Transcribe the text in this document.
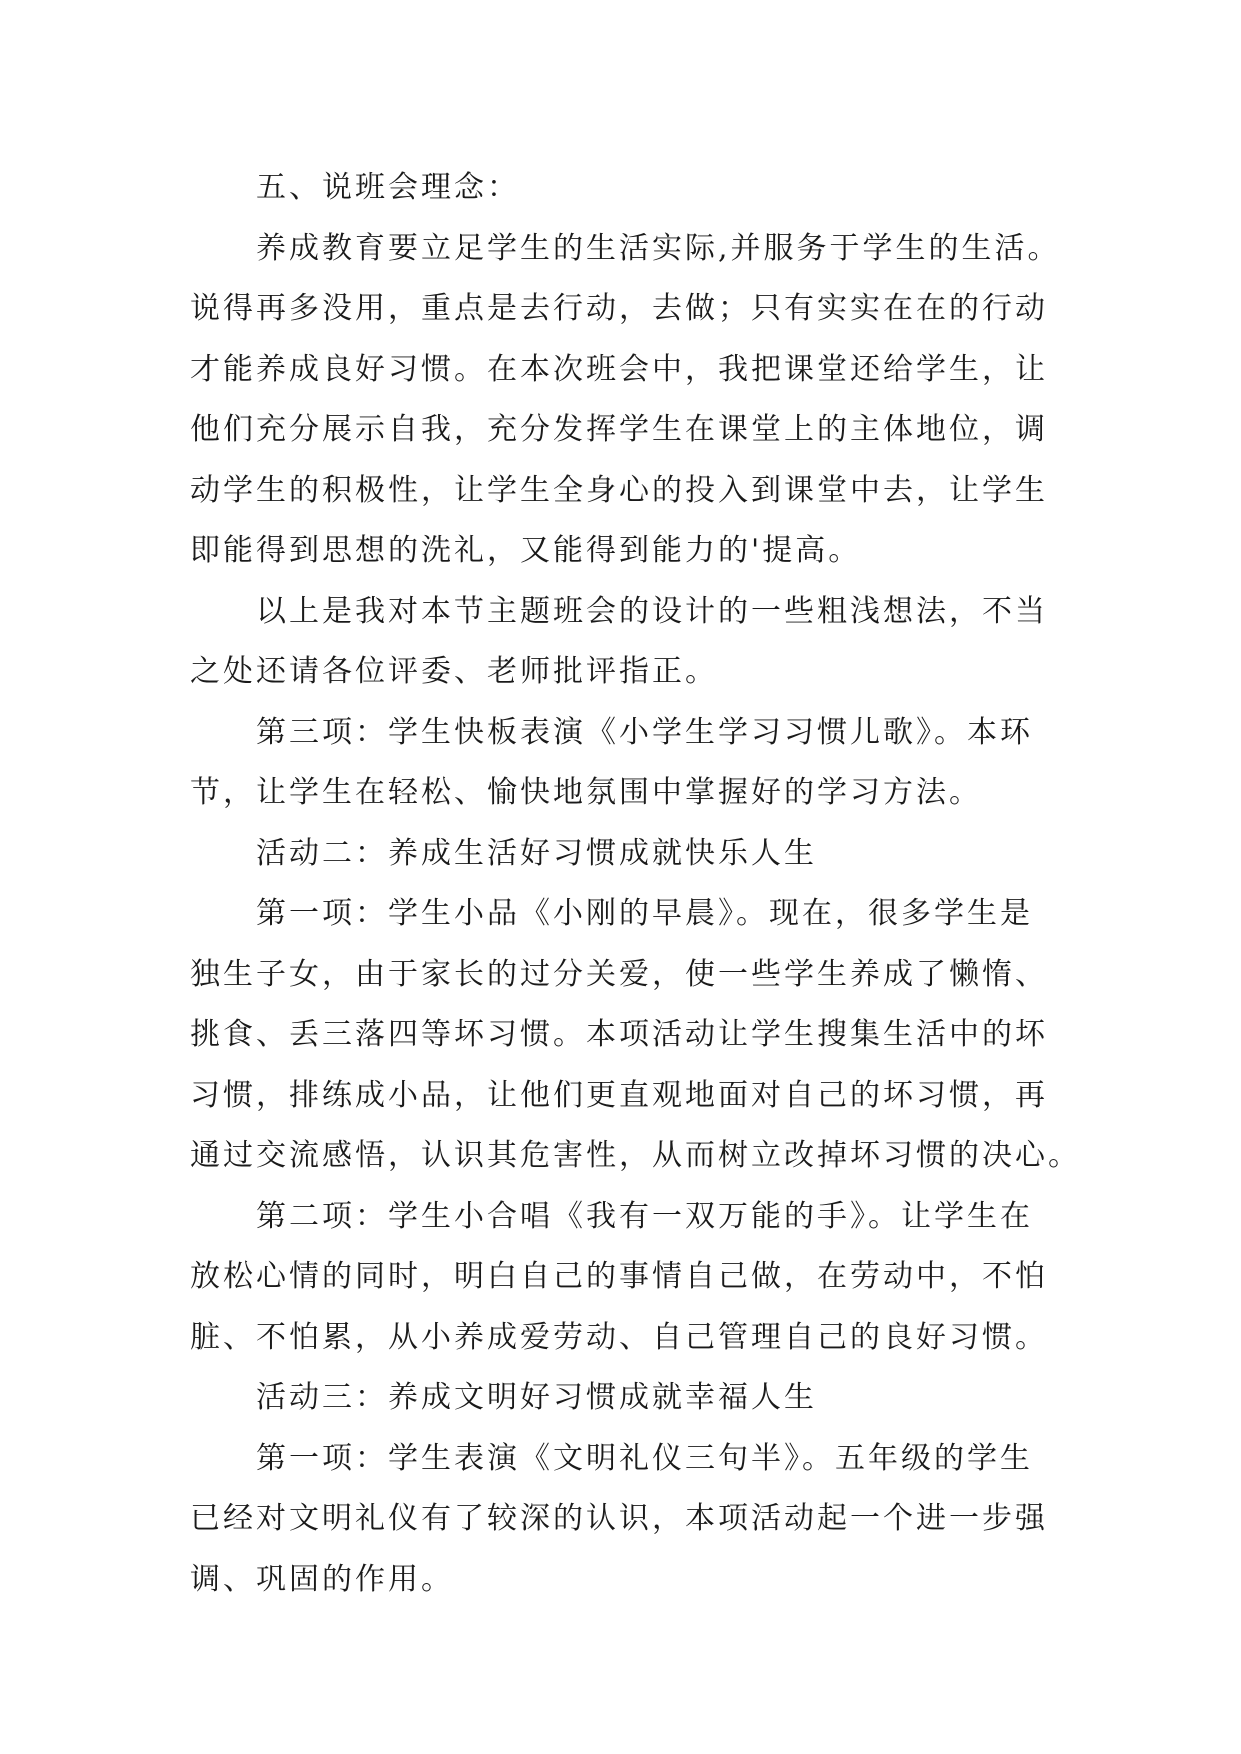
五、说班会理念：
养成教育要立足学生的生活实际,并服务于学生的生活。
说得再多没用，重点是去行动，去做；只有实实在在的行动
才能养成良好习惯。在本次班会中，我把课堂还给学生，让
他们充分展示自我，充分发挥学生在课堂上的主体地位，调
动学生的积极性，让学生全身心的投入到课堂中去，让学生
即能得到思想的洗礼，又能得到能力的'提高。
以上是我对本节主题班会的设计的一些粗浅想法，不当
之处还请各位评委、老师批评指正。
第三项：学生快板表演《小学生学习习惯儿歌》。本环
节，让学生在轻松、愉快地氛围中掌握好的学习方法。
活动二：养成生活好习惯成就快乐人生
第一项：学生小品《小刚的早晨》。现在，很多学生是
独生子女，由于家长的过分关爱，使一些学生养成了懒惰、
挑食、丢三落四等坏习惯。本项活动让学生搜集生活中的坏
习惯，排练成小品，让他们更直观地面对自己的坏习惯，再
通过交流感悟，认识其危害性，从而树立改掉坏习惯的决心。
第二项：学生小合唱《我有一双万能的手》。让学生在
放松心情的同时，明白自己的事情自己做，在劳动中，不怕
脏、不怕累，从小养成爱劳动、自己管理自己的良好习惯。
活动三：养成文明好习惯成就幸福人生
第一项：学生表演《文明礼仪三句半》。五年级的学生
已经对文明礼仪有了较深的认识，本项活动起一个进一步强
调、巩固的作用。
